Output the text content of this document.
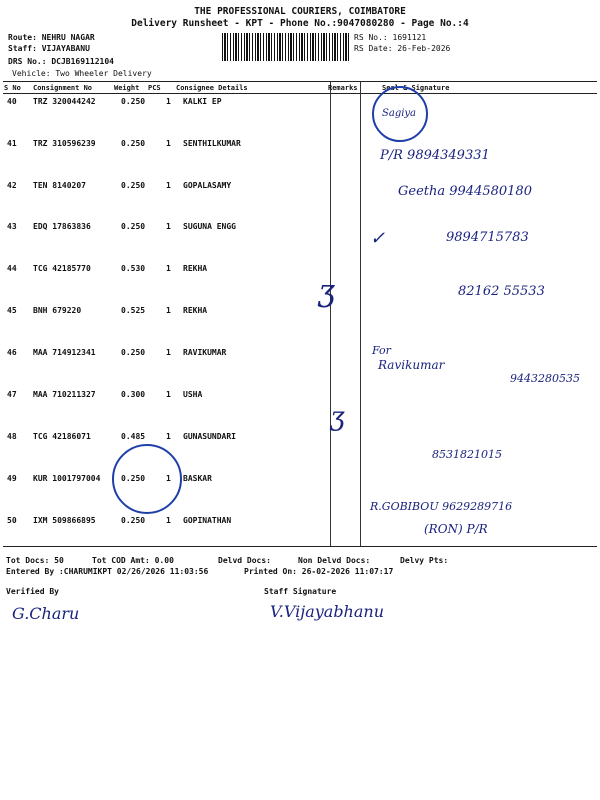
THE PROFESSIONAL COURIERS, COIMBATORE
Delivery Runsheet - KPT - Phone No.:9047080280 - Page No.:4
Route: NEHRU NAGAR
Staff: VIJAYABANU
DRS No.: DCJB169112104
Vehicle: Two Wheeler Delivery
RS No.: 1691121
RS Date: 26-Feb-2026
S No Consignment No	Weight PCS Consignee Details	Remarks	Seal & Signature
40 TRZ 320044242	0.250	1 KALKI EP
41 TRZ 310596239	0.250	1 SENTHILKUMAR
42 TEN 8140207	0.250	1 GOPALASAMY
43 EDQ 17863836	0.250	1 SUGUNA ENGG
44 TCG 42185770	0.530	1 REKHA
45 BNH 679220	0.525	1 REKHA
46 MAA 714912341	0.250	1 RAVIKUMAR
47 MAA 710211327	0.300	1 USHA
48 TCG 42186071	0.485	1 GUNASUNDARI
49 KUR 1001797004	0.250	1 BASKAR
50 IXM 509866895	0.250	1 GOPINATHAN
Sagiya
P/R 9894349331
Geetha 9944580180
✓	9894715783
ʒ	82162 55533
For
Ravikumar
9443280535
ʒ
8531821015
R.GOBIBOU 9629289716
(RON) P/R
Tot Docs: 50	Tot COD Amt: 0.00	Delvd Docs:	Non Delvd Docs:	Delvy Pts:
Entered By :CHARUMIKPT 02/26/2026 11:03:56	Printed On: 26-02-2026 11:07:17
Verified By	Staff Signature
G.Charu	V.Vijayabhanu
